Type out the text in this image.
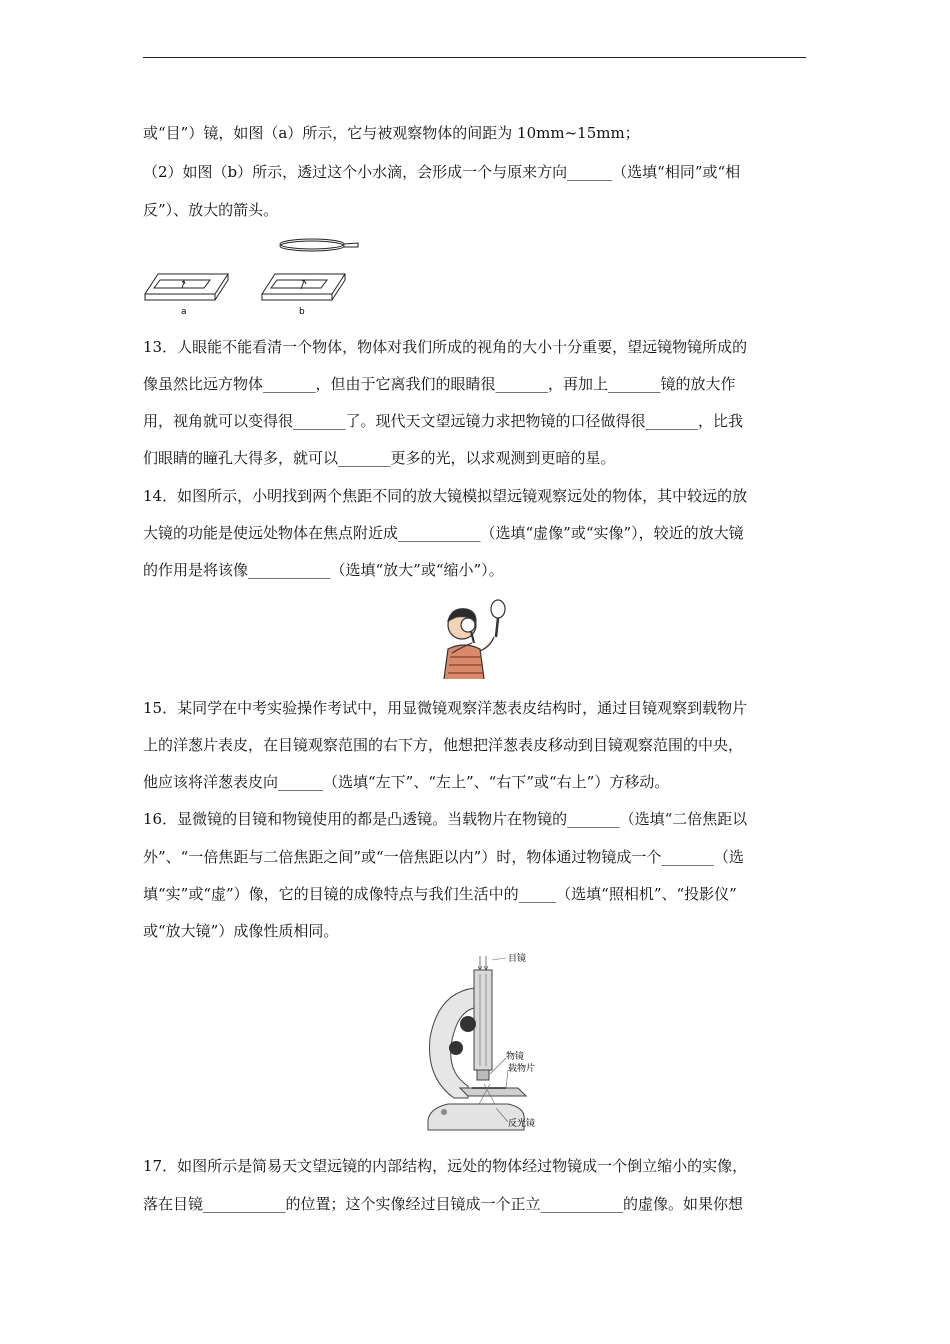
或“目”）镜，如图（a）所示，它与被观察物体的间距为 10mm~15mm；
（2）如图（b）所示，透过这个小水滴，会形成一个与原来方向______（选填“相同”或“相
反”）、放大的箭头。
a	b
13．人眼能不能看清一个物体，物体对我们所成的视角的大小十分重要，望远镜物镜所成的
像虽然比远方物体_______，但由于它离我们的眼睛很_______，再加上_______镜的放大作
用，视角就可以变得很_______了。现代天文望远镜力求把物镜的口径做得很_______，比我
们眼睛的瞳孔大得多，就可以_______更多的光，以求观测到更暗的星。
14．如图所示，小明找到两个焦距不同的放大镜模拟望远镜观察远处的物体，其中较远的放
大镜的功能是使远处物体在焦点附近成___________（选填“虚像”或“实像”），较近的放大镜
的作用是将该像___________（选填“放大”或“缩小”）。
15．某同学在中考实验操作考试中，用显微镜观察洋葱表皮结构时，通过目镜观察到载物片
上的洋葱片表皮，在目镜观察范围的右下方，他想把洋葱表皮移动到目镜观察范围的中央，
他应该将洋葱表皮向______（选填“左下”、“左上”、“右下”或“右上”）方移动。
16．显微镜的目镜和物镜使用的都是凸透镜。当载物片在物镜的_______（选填“二倍焦距以
外”、“一倍焦距与二倍焦距之间”或“一倍焦距以内”）时，物体通过物镜成一个_______（选
填“实”或“虚”）像，它的目镜的成像特点与我们生活中的_____（选填“照相机”、“投影仪”
或“放大镜”）成像性质相同。
目镜
物镜
载物片
反光镜
17．如图所示是简易天文望远镜的内部结构，远处的物体经过物镜成一个倒立缩小的实像，
落在目镜___________的位置；这个实像经过目镜成一个正立___________的虚像。如果你想
